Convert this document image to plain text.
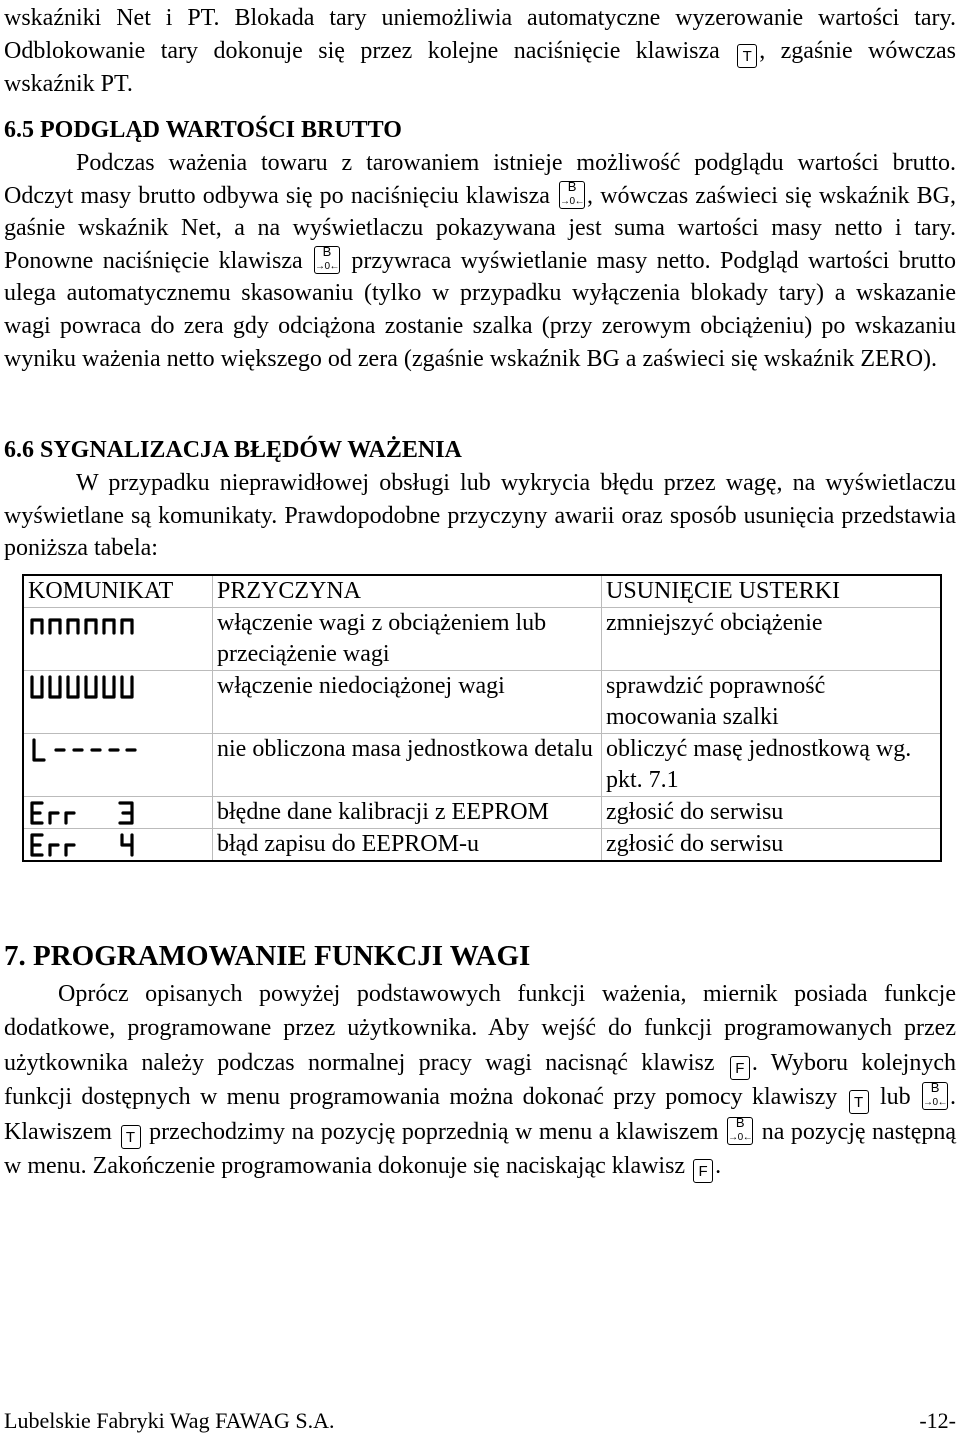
wskaźniki Net i PT. Blokada tary uniemożliwia automatyczne wyzerowanie wartości tary. Odblokowanie tary dokonuje się przez kolejne naciśnięcie klawisza T , zgaśnie wówczas wskaźnik PT.

6.5 PODGLĄD WARTOŚCI BRUTTO

Podczas ważenia towaru z tarowaniem istnieje możliwość podglądu wartości brutto. Odczyt masy brutto odbywa się po naciśnięciu klawisza	B
→0← , wówczas zaświeci się wskaźnik BG, gaśnie wskaźnik Net, a na wyświetlaczu pokazywana jest suma wartości masy netto i tary. Ponowne naciśnięcie klawisza	B
→0← przywraca wyświetlanie masy netto. Podgląd wartości brutto ulega automatycznemu skasowaniu (tylko w przypadku wyłączenia blokady tary) a wskazanie wagi powraca do zera gdy odciążona zostanie szalka (przy zerowym obciążeniu) po wskazaniu wyniku ważenia netto większego od zera (zgaśnie wskaźnik BG a zaświeci się wskaźnik ZERO).

6.6 SYGNALIZACJA BŁĘDÓW WAŻENIA

W przypadku nieprawidłowej obsługi lub wykrycia błędu przez wagę, na wyświetlaczu wyświetlane są komunikaty. Prawdopodobne przyczyny awarii oraz sposób usunięcia przedstawia poniższa tabela:

KOMUNIKAT	PRZYCZYNA	USUNIĘCIE USTERKI

	włączenie wagi z obciążeniem lub przeciążenie wagi	zmniejszyć obciążenie

	włączenie niedociążonej wagi	sprawdzić poprawność mocowania szalki

	nie obliczona masa jednostkowa detalu	obliczyć masę jednostkową wg. pkt. 7.1

	błędne dane kalibracji z EEPROM	zgłosić do serwisu

	błąd zapisu do EEPROM-u	zgłosić do serwisu
7. PROGRAMOWANIE FUNKCJI WAGI

Oprócz opisanych powyżej podstawowych funkcji ważenia, miernik posiada funkcje dodatkowe, programowane przez użytkownika. Aby wejść do funkcji programowanych przez użytkownika należy podczas normalnej pracy wagi nacisnąć klawisz F . Wyboru kolejnych funkcji dostępnych w menu programowania można dokonać przy pomocy klawiszy T lub	B
→0← . Klawiszem T przechodzimy na pozycję poprzednią w menu a klawiszem	B
→0← na pozycję następną w menu. Zakończenie programowania dokonuje się naciskając klawisz F .

Lubelskie Fabryki Wag FAWAG S.A.	-12-
